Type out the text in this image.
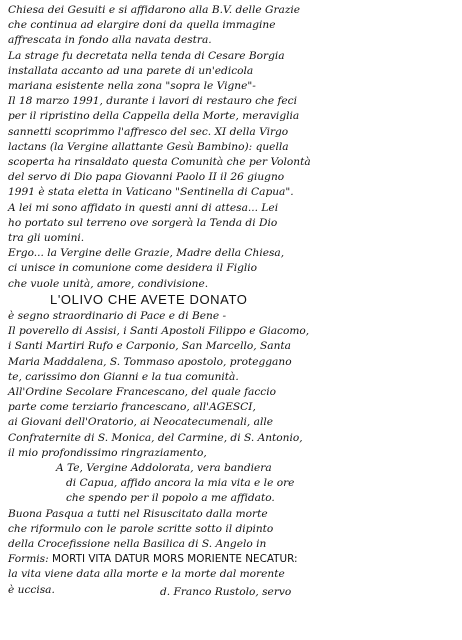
Chiesa dei Gesuiti e si affidarono alla B.V. delle Grazie
che continua ad elargire doni da quella immagine
affrescata in fondo alla navata destra.
La strage fu decretata nella tenda di Cesare Borgia
installata accanto ad una parete di un'edicola
mariana esistente nella zona "sopra le Vigne"-
Il 18 marzo 1991, durante i lavori di restauro che feci
per il ripristino della Cappella della Morte, meraviglia
sannetti scoprimmo l'affresco del sec. XI della Virgo
lactans (la Vergine allattante Gesù Bambino): quella
scoperta ha rinsaldato questa Comunità che per Volontà
del servo di Dio papa Giovanni Paolo II il 26 giugno
1991 è stata eletta in Vaticano "Sentinella di Capua".
A lei mi sono affidato in questi anni di attesa... Lei
ho portato sul terreno ove sorgerà la Tenda di Dio
tra gli uomini.
Ergo... la Vergine delle Grazie, Madre della Chiesa,
ci unisce in comunione come desidera il Figlio
che vuole unità, amore, condivisione.
L'OLIVO CHE AVETE DONATO
è segno straordinario di Pace e di Bene -
Il poverello di Assisi, i Santi Apostoli Filippo e Giacomo,
i Santi Martiri Rufo e Carponio, San Marcello, Santa
Maria Maddalena, S. Tommaso apostolo, proteggano
te, carissimo don Gianni e la tua comunità.
All'Ordine Secolare Francescano, del quale faccio
parte come terziario francescano, all'AGESCI,
ai Giovani dell'Oratorio, ai Neocatecumenali, alle
Confraternite di S. Monica, del Carmine, di S. Antonio,
il mio profondissimo ringraziamento,
A Te, Vergine Addolorata, vera bandiera
di Capua, affido ancora la mia vita e le ore
che spendo per il popolo a me affidato.
Buona Pasqua a tutti nel Risuscitato dalla morte
che riformulo con le parole scritte sotto il dipinto
della Crocefissione nella Basilica di S. Angelo in
Formis: MORTI VITA DATUR MORS MORIENTE NECATUR:
la vita viene data alla morte e la morte dal morente
è uccisa.	d. Franco Rustolo, servo
